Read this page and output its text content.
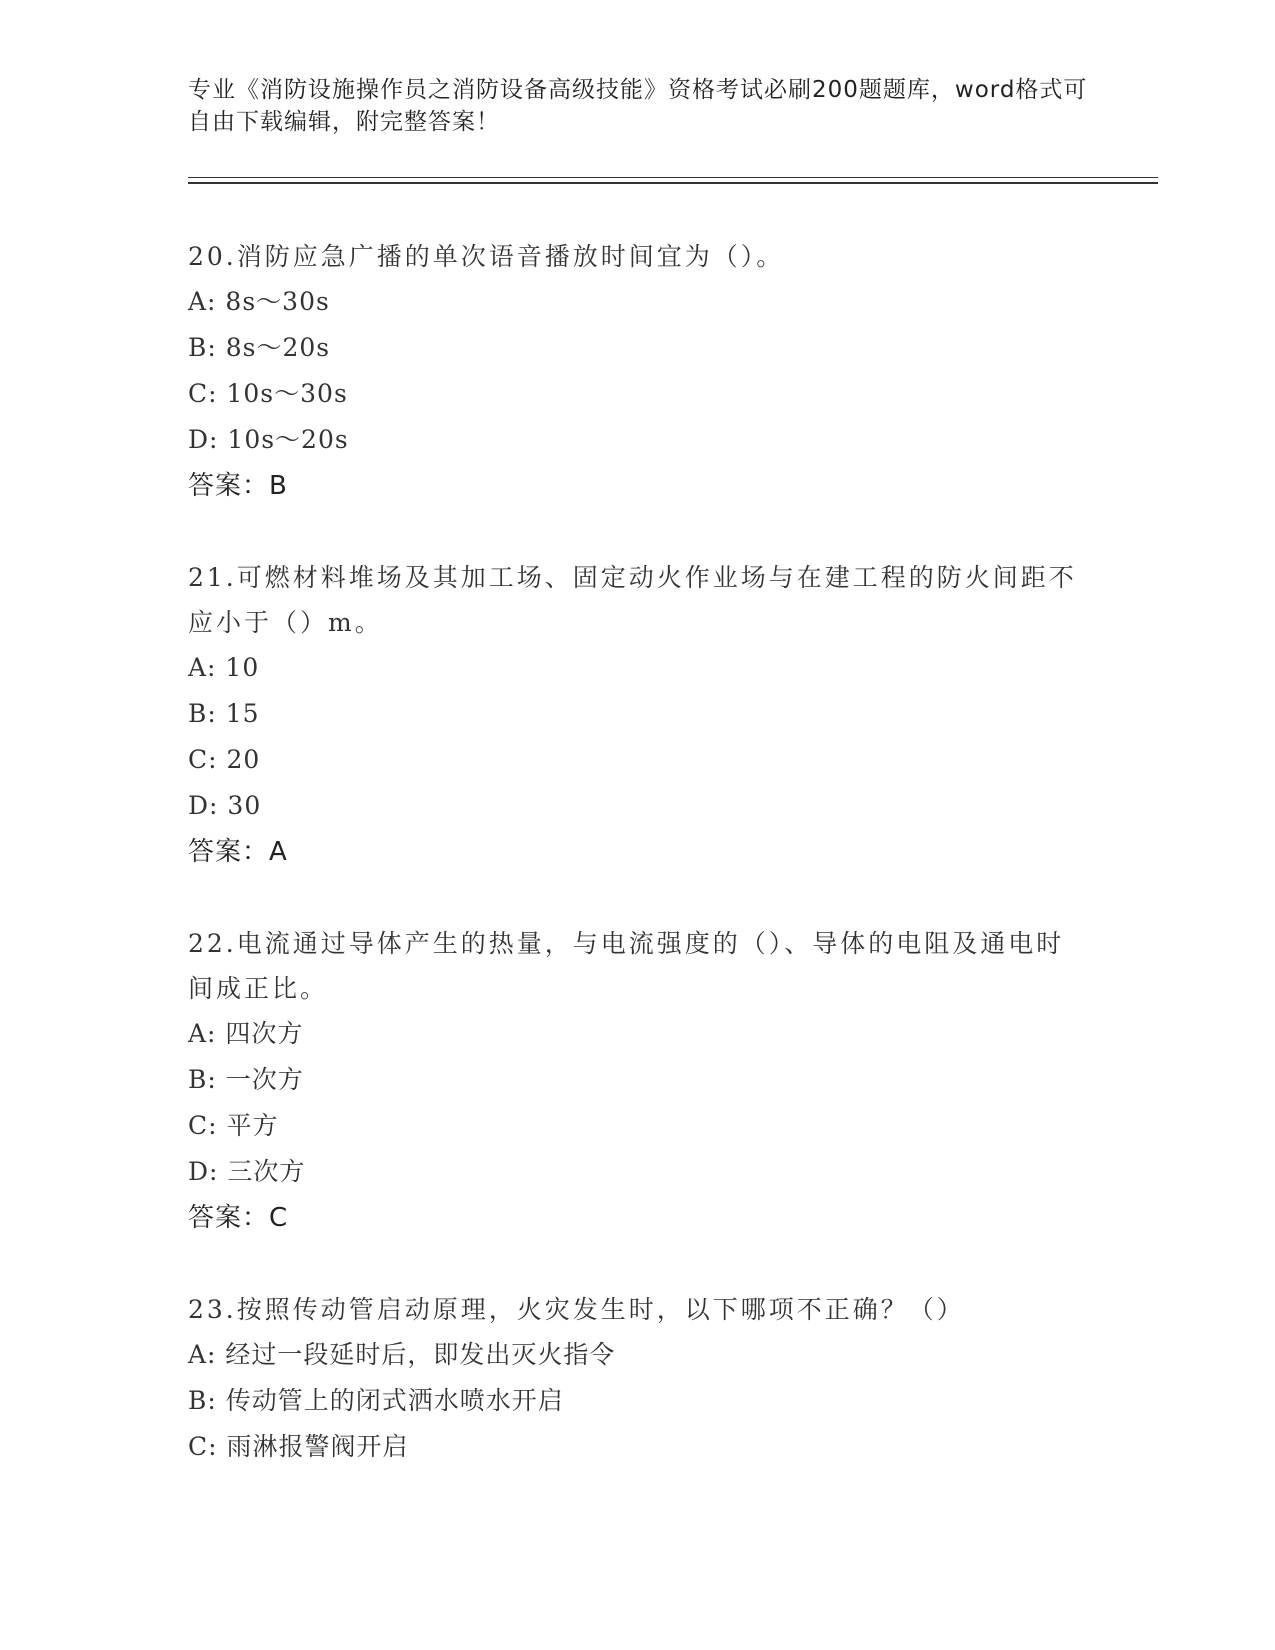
专业《消防设施操作员之消防设备高级技能》资格考试必刷200题题库，word格式可自由下载编辑，附完整答案！
20.消防应急广播的单次语音播放时间宜为（）。
A: 8s～30s
B: 8s～20s
C: 10s～30s
D: 10s～20s
答案：B
21.可燃材料堆场及其加工场、固定动火作业场与在建工程的防火间距不应小于（）m。
A: 10
B: 15
C: 20
D: 30
答案：A
22.电流通过导体产生的热量，与电流强度的（）、导体的电阻及通电时间成正比。
A: 四次方
B: 一次方
C: 平方
D: 三次方
答案：C
23.按照传动管启动原理，火灾发生时，以下哪项不正确？（）
A: 经过一段延时后，即发出灭火指令
B: 传动管上的闭式洒水喷水开启
C: 雨淋报警阀开启
